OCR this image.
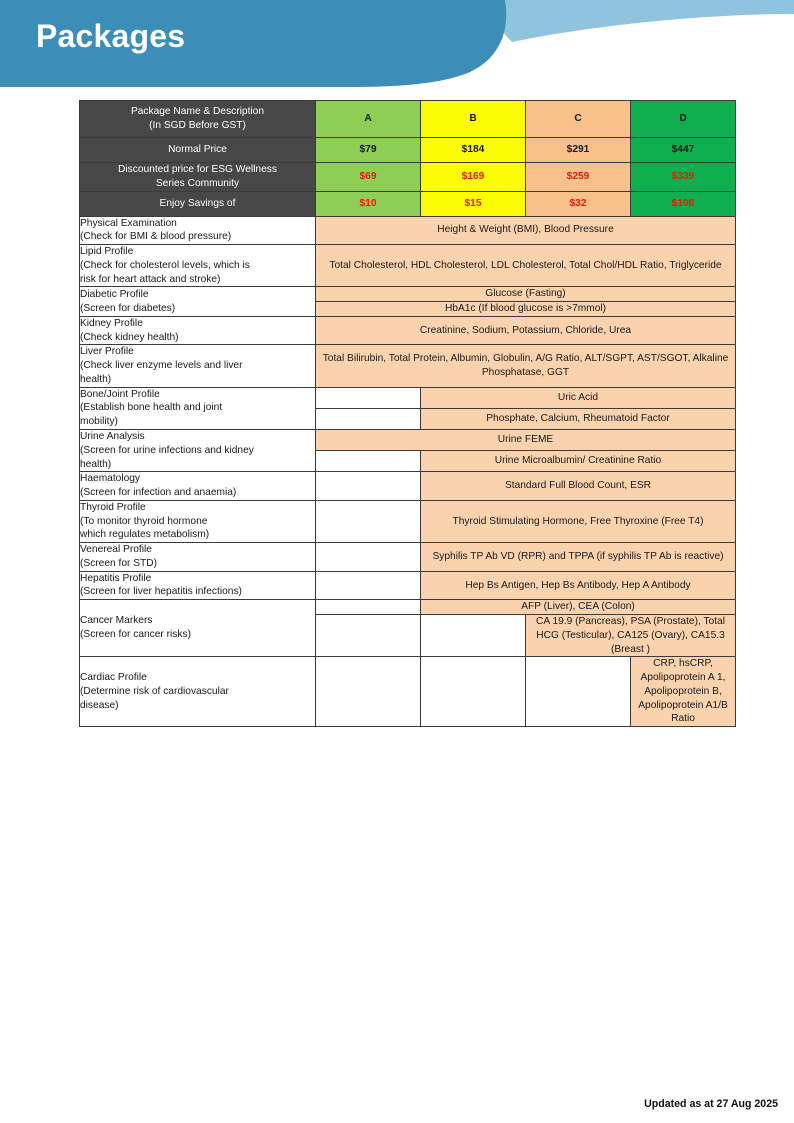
Packages
Package Name & Description
(In SGD Before GST)	A	B	C	D

Normal Price	$79	$184	$291	$447

Discounted price for ESG Wellness
Series Community	$69	$169	$259	$339

Enjoy Savings of	$10	$15	$32	$108

Physical Examination
(Check for BMI & blood pressure)	Height & Weight (BMI), Blood Pressure			

Lipid Profile
(Check for cholesterol levels, which is
risk for heart attack and stroke)	Total Cholesterol, HDL Cholesterol, LDL Cholesterol, Total Chol/HDL Ratio, Triglyceride			

Diabetic Profile
(Screen for diabetes)	Glucose (Fasting)			
	HbA1c (If blood glucose is >7mmol)			

Kidney Profile
(Check kidney health)	Creatinine, Sodium, Potassium, Chloride, Urea			

Liver Profile
(Check liver enzyme levels and liver
health)	Total Bilirubin, Total Protein, Albumin, Globulin, A/G Ratio, ALT/SGPT, AST/SGOT, Alkaline Phosphatase, GGT			

Bone/Joint Profile
(Establish bone health and joint
mobility)		Uric Acid		
		Phosphate, Calcium, Rheumatoid Factor		

Urine Analysis
(Screen for urine infections and kidney
health)	Urine FEME			
		Urine Microalbumin/ Creatinine Ratio		

Haematology
(Screen for infection and anaemia)		Standard Full Blood Count, ESR		

Thyroid Profile
(To monitor thyroid hormone
which regulates metabolism)		Thyroid Stimulating Hormone, Free Thyroxine (Free T4)		

Venereal Profile
(Screen for STD)		Syphilis TP Ab VD (RPR) and TPPA (if syphilis TP Ab is reactive)		

Hepatitis Profile
(Screen for liver hepatitis infections)		Hep Bs Antigen, Hep Bs Antibody, Hep A Antibody		

Cancer Markers
(Screen for cancer risks)		AFP (Liver), CEA (Colon)		
			CA 19.9 (Pancreas), PSA (Prostate), Total HCG (Testicular), CA125 (Ovary), CA15.3 (Breast )	

Cardiac Profile
(Determine risk of cardiovascular
disease)				CRP, hsCRP, Apolipoprotein A 1, Apolipoprotein B, Apolipoprotein A1/B Ratio
Updated as at 27 Aug 2025
